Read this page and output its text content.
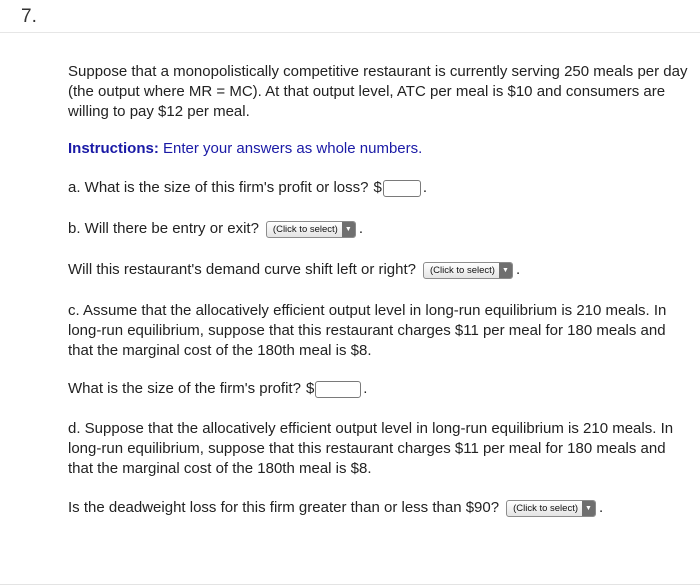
7.

Suppose that a monopolistically competitive restaurant is currently serving 250 meals per day
(the output where MR = MC). At that output level, ATC per meal is $10 and consumers are
willing to pay $12 per meal.

Instructions: Enter your answers as whole numbers.

a. What is the size of this firm's profit or loss? $	.
b. Will there be entry or exit?	(Click to select)	▼ .
Will this restaurant's demand curve shift left or right?	(Click to select)	▼ .

c. Assume that the allocatively efficient output level in long-run equilibrium is 210 meals. In
long-run equilibrium, suppose that this restaurant charges $11 per meal for 180 meals and
that the marginal cost of the 180th meal is $8.

What is the size of the firm's profit? $	.

d. Suppose that the allocatively efficient output level in long-run equilibrium is 210 meals. In
long-run equilibrium, suppose that this restaurant charges $11 per meal for 180 meals and
that the marginal cost of the 180th meal is $8.

Is the deadweight loss for this firm greater than or less than $90?	(Click to select)	▼ .
